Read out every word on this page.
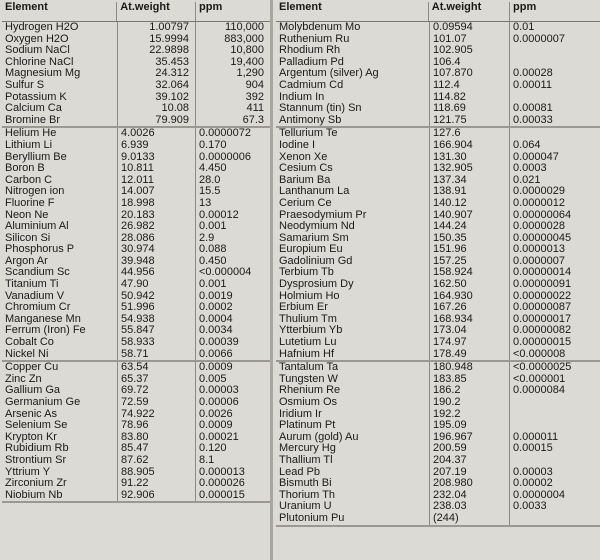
Element	At.weight	ppm
Hydrogen H2O	1.00797	110,000
Oxygen H2O	15.9994	883,000
Sodium NaCl	22.9898	10,800
Chlorine NaCl	35.453	19,400
Magnesium Mg	24.312	1,290
Sulfur S	32.064	904
Potassium K	39.102	392
Calcium Ca	10.08	411
Bromine Br	79.909	67.3
Helium He	4.0026	0.0000072
Lithium Li	6.939	0.170
Beryllium Be	9.0133	0.0000006
Boron B	10.811	4.450
Carbon C	12.011	28.0
Nitrogen ion	14.007	15.5
Fluorine F	18.998	13
Neon Ne	20.183	0.00012
Aluminium Al	26.982	0.001
Silicon Si	28.086	2.9
Phosphorus P	30.974	0.088
Argon Ar	39.948	0.450
Scandium Sc	44.956	<0.000004
Titanium Ti	47.90	0.001
Vanadium V	50.942	0.0019
Chromium Cr	51.996	0.0002
Manganese Mn	54.938	0.0004
Ferrum (Iron) Fe	55.847	0.0034
Cobalt Co	58.933	0.00039
Nickel Ni	58.71	0.0066
Copper Cu	63.54	0.0009
Zinc Zn	65.37	0.005
Gallium Ga	69.72	0.00003
Germanium Ge	72.59	0.00006
Arsenic As	74.922	0.0026
Selenium Se	78.96	0.0009
Krypton Kr	83.80	0.00021
Rubidium Rb	85.47	0.120
Strontium Sr	87.62	8.1
Yttrium Y	88.905	0.000013
Zirconium Zr	91.22	0.000026
Niobium Nb	92.906	0.000015
Element	At.weight	ppm
Molybdenum Mo	0.09594	0.01
Ruthenium Ru	101.07	0.0000007
Rhodium Rh	102.905
Palladium Pd	106.4
Argentum (silver) Ag	107.870	0.00028
Cadmium Cd	112.4	0.00011
Indium In	114.82
Stannum (tin) Sn	118.69	0.00081
Antimony Sb	121.75	0.00033
Tellurium Te	127.6
Iodine I	166.904	0.064
Xenon Xe	131.30	0.000047
Cesium Cs	132.905	0.0003
Barium Ba	137.34	0.021
Lanthanum La	138.91	0.0000029
Cerium Ce	140.12	0.0000012
Praesodymium Pr	140.907	0.00000064
Neodymium Nd	144.24	0.0000028
Samarium Sm	150.35	0.00000045
Europium Eu	151.96	0.0000013
Gadolinium Gd	157.25	0.0000007
Terbium Tb	158.924	0.00000014
Dysprosium Dy	162.50	0.00000091
Holmium Ho	164.930	0.00000022
Erbium Er	167.26	0.00000087
Thulium Tm	168.934	0.00000017
Ytterbium Yb	173.04	0.00000082
Lutetium Lu	174.97	0.00000015
Hafnium Hf	178.49	<0.000008
Tantalum Ta	180.948	<0.0000025
Tungsten W	183.85	<0.000001
Rhenium Re	186.2	0.0000084
Osmium Os	190.2
Iridium Ir	192.2
Platinum Pt	195.09
Aurum (gold) Au	196.967	0.000011
Mercury Hg	200.59	0.00015
Thallium Tl	204.37
Lead Pb	207.19	0.00003
Bismuth Bi	208.980	0.00002
Thorium Th	232.04	0.0000004
Uranium U	238.03	0.0033
Plutonium Pu	(244)
